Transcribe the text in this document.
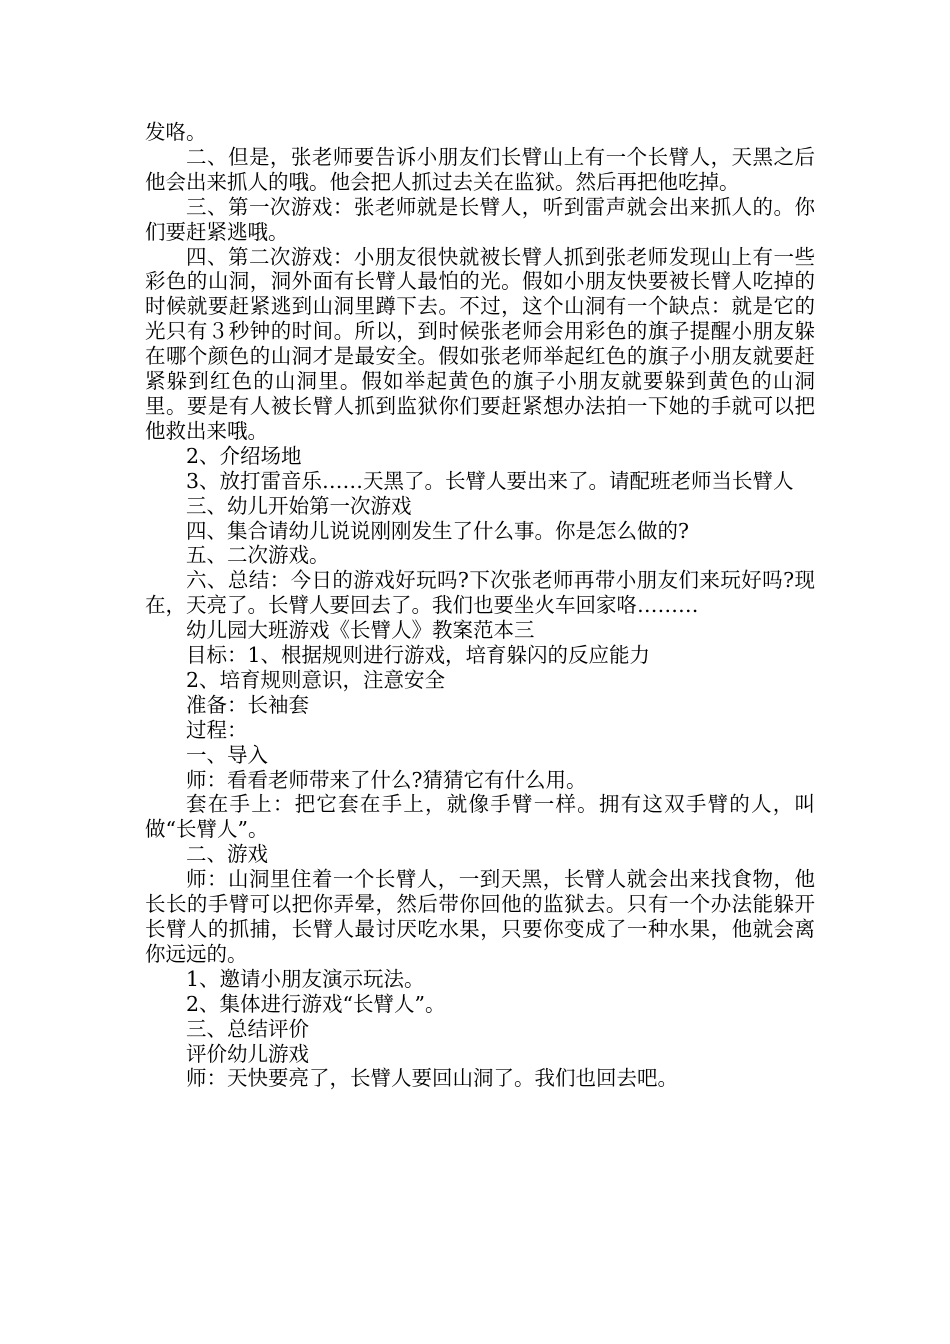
发咯。

二、但是，张老师要告诉小朋友们长臂山上有一个长臂人，天黑之后他会出来抓人的哦。他会把人抓过去关在监狱。然后再把他吃掉。

三、第一次游戏：张老师就是长臂人，听到雷声就会出来抓人的。你们要赶紧逃哦。

四、第二次游戏：小朋友很快就被长臂人抓到张老师发现山上有一些彩色的山洞，洞外面有长臂人最怕的光。假如小朋友快要被长臂人吃掉的时候就要赶紧逃到山洞里蹲下去。不过，这个山洞有一个缺点：就是它的光只有３秒钟的时间。所以，到时候张老师会用彩色的旗子提醒小朋友躲在哪个颜色的山洞才是最安全。假如张老师举起红色的旗子小朋友就要赶紧躲到红色的山洞里。假如举起黄色的旗子小朋友就要躲到黄色的山洞里。要是有人被长臂人抓到监狱你们要赶紧想办法拍一下她的手就可以把他救出来哦。

2、介绍场地

3、放打雷音乐……天黑了。长臂人要出来了。请配班老师当长臂人

三、幼儿开始第一次游戏

四、集合请幼儿说说刚刚发生了什么事。你是怎么做的?

五、二次游戏。

六、总结：今日的游戏好玩吗?下次张老师再带小朋友们来玩好吗?现在，天亮了。长臂人要回去了。我们也要坐火车回家咯………

幼儿园大班游戏《长臂人》教案范本三

目标：1、根据规则进行游戏，培育躲闪的反应能力

2、培育规则意识，注意安全

准备：长袖套

过程：

一、导入

师：看看老师带来了什么?猜猜它有什么用。

套在手上：把它套在手上，就像手臂一样。拥有这双手臂的人，叫做“长臂人”。

二、游戏

师：山洞里住着一个长臂人，一到天黑，长臂人就会出来找食物，他长长的手臂可以把你弄晕，然后带你回他的监狱去。只有一个办法能躲开长臂人的抓捕，长臂人最讨厌吃水果，只要你变成了一种水果，他就会离你远远的。

1、邀请小朋友演示玩法。

2、集体进行游戏“长臂人”。

三、总结评价

评价幼儿游戏

师：天快要亮了，长臂人要回山洞了。我们也回去吧。
